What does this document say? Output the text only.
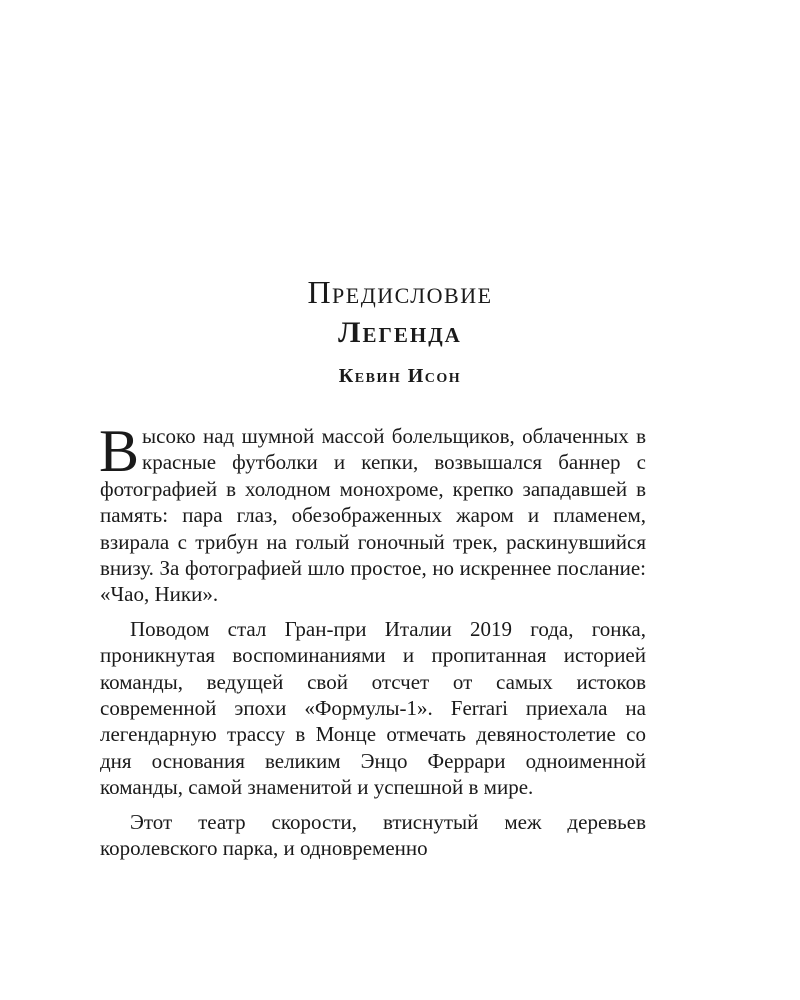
Предисловие
Легенда
Кевин Исон

Высоко над шумной массой болельщиков, облаченных в красные футболки и кепки, возвышался баннер с фотографией в холодном монохроме, крепко западавшей в память: пара глаз, обезображенных жаром и пламенем, взирала с трибун на голый гоночный трек, раскинувшийся внизу. За фотографией шло простое, но искреннее послание: «Чао, Ники».

Поводом стал Гран-при Италии 2019 года, гонка, проникнутая воспоминаниями и пропитанная историей команды, ведущей свой отсчет от самых истоков современной эпохи «Формулы-1». Ferrari приехала на легендарную трассу в Монце отмечать девяностолетие со дня основания великим Энцо Феррари одноименной команды, самой знаменитой и успешной в мире.

Этот театр скорости, втиснутый меж деревьев королевского парка, и одновременно
